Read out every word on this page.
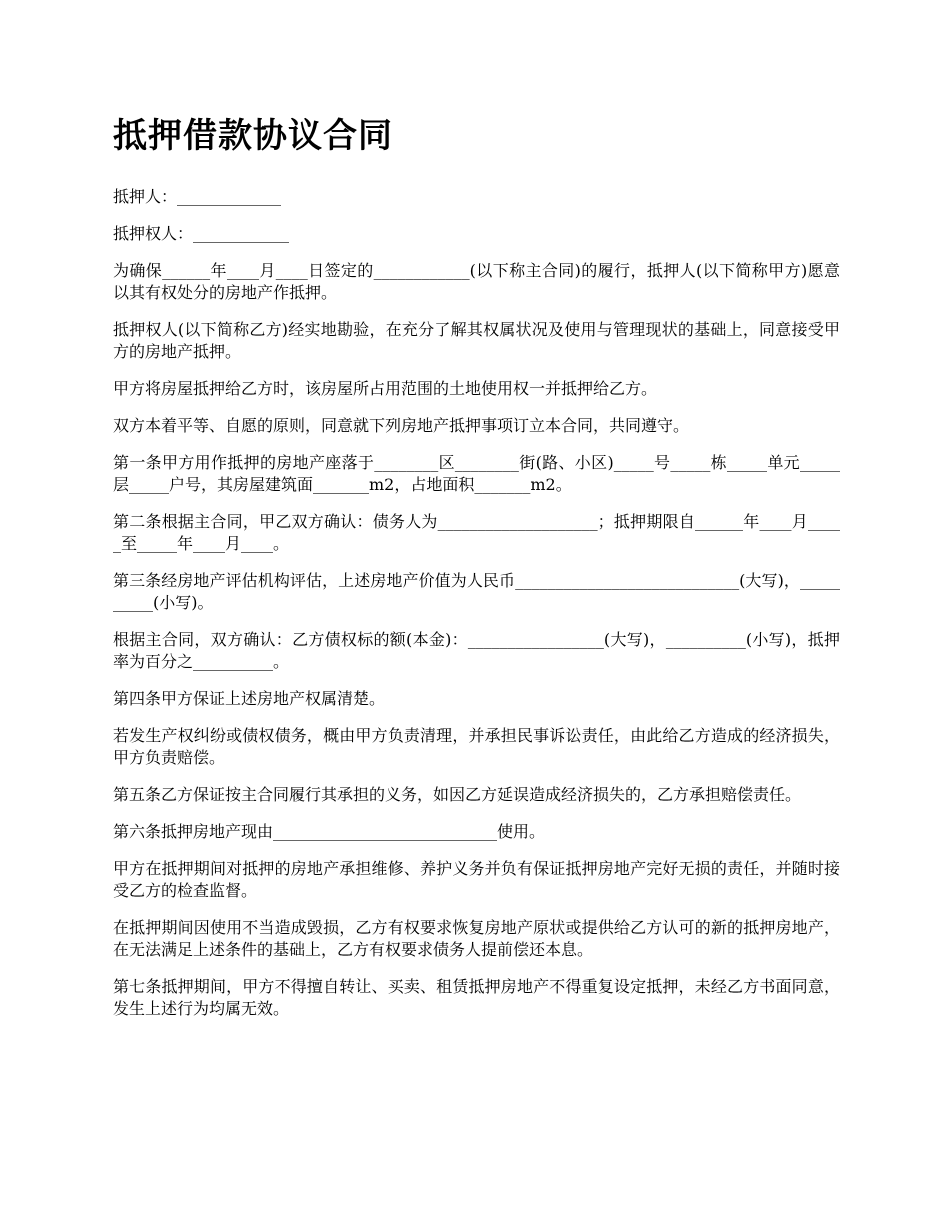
抵押借款协议合同

抵押人：_____________

抵押权人：____________

为确保______年____月____日签定的____________(以下称主合同)的履行，抵押人(以下简称甲方)愿意以其有权处分的房地产作抵押。

抵押权人(以下简称乙方)经实地勘验，在充分了解其权属状况及使用与管理现状的基础上，同意接受甲方的房地产抵押。

甲方将房屋抵押给乙方时，该房屋所占用范围的土地使用权一并抵押给乙方。

双方本着平等、自愿的原则，同意就下列房地产抵押事项订立本合同，共同遵守。

第一条甲方用作抵押的房地产座落于________区________街(路、小区)_____号_____栋_____单元_____层_____户号，其房屋建筑面_______m2，占地面积_______m2。

第二条根据主合同，甲乙双方确认：债务人为____________________；抵押期限自______年____月_____至_____年____月____。

第三条经房地产评估机构评估，上述房地产价值为人民币____________________________(大写)，__________(小写)。

根据主合同，双方确认：乙方债权标的额(本金)：_________________(大写)，__________(小写)，抵押率为百分之__________。

第四条甲方保证上述房地产权属清楚。

若发生产权纠纷或债权债务，概由甲方负责清理，并承担民事诉讼责任，由此给乙方造成的经济损失，甲方负责赔偿。

第五条乙方保证按主合同履行其承担的义务，如因乙方延误造成经济损失的，乙方承担赔偿责任。

第六条抵押房地产现由____________________________使用。

甲方在抵押期间对抵押的房地产承担维修、养护义务并负有保证抵押房地产完好无损的责任，并随时接受乙方的检查监督。

在抵押期间因使用不当造成毁损，乙方有权要求恢复房地产原状或提供给乙方认可的新的抵押房地产，在无法满足上述条件的基础上，乙方有权要求债务人提前偿还本息。

第七条抵押期间，甲方不得擅自转让、买卖、租赁抵押房地产不得重复设定抵押，未经乙方书面同意，发生上述行为均属无效。
